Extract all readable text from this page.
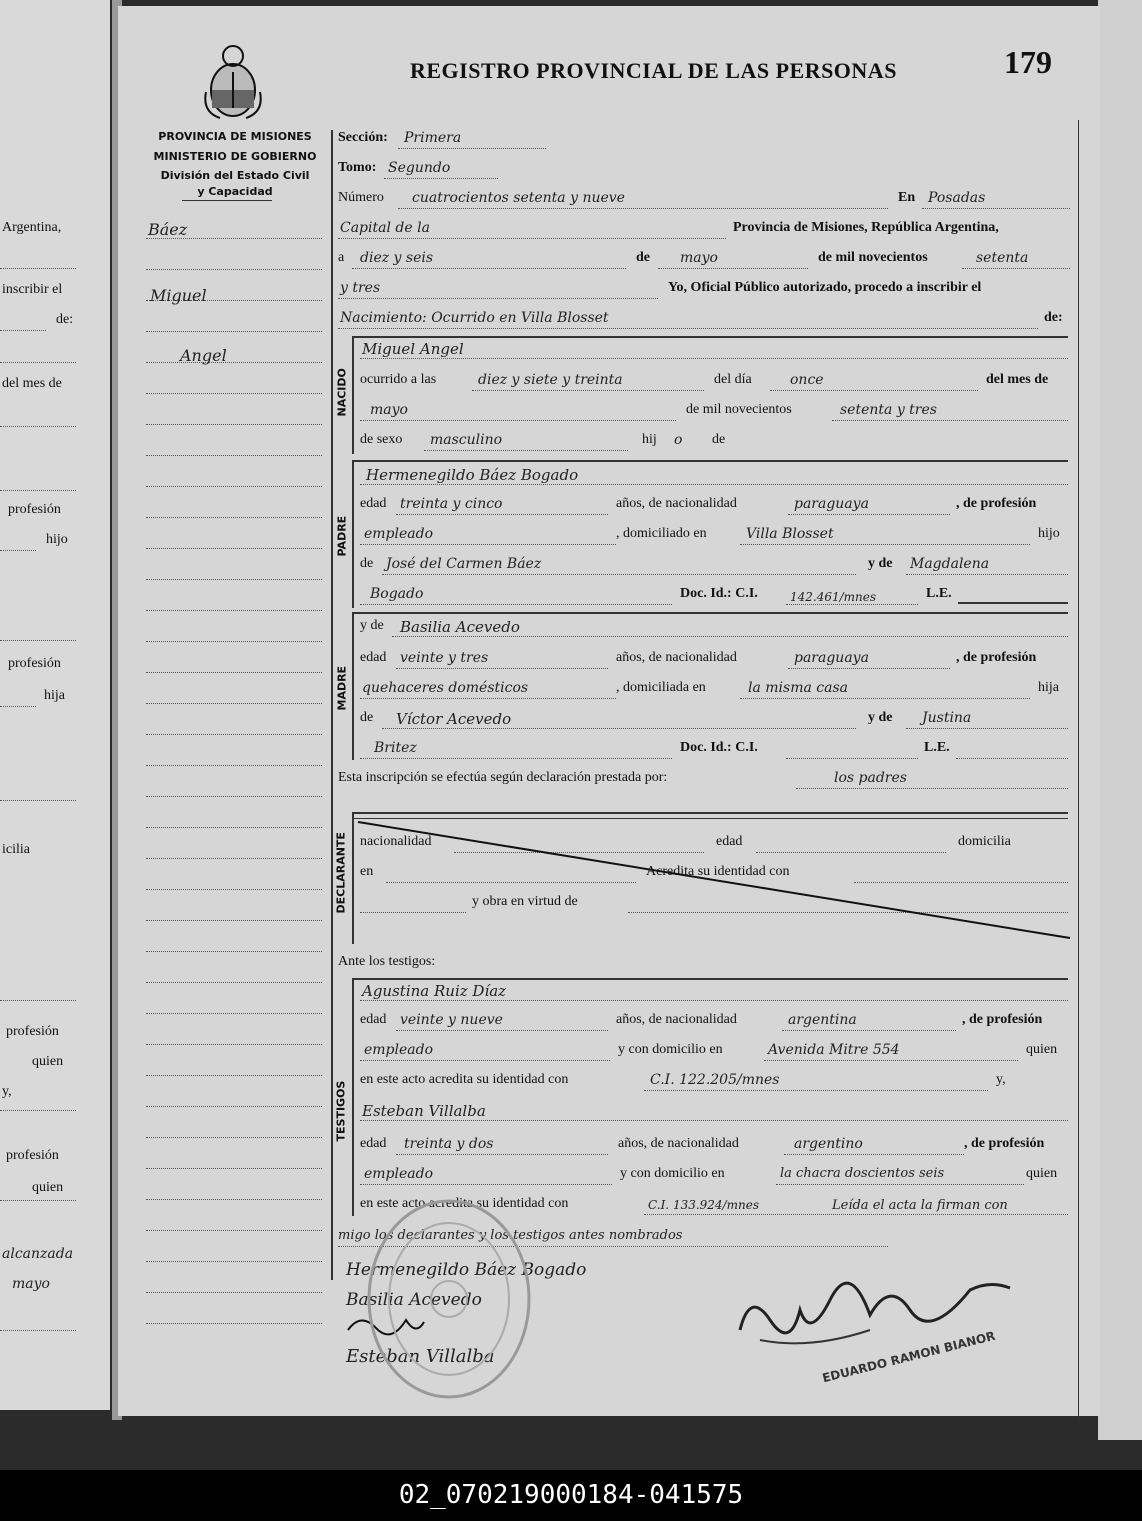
Argentina,
inscribir el
de:
del mes de
profesión
hijo
profesión
hija
icilia
profesión
quien
y,
profesión
quien
alcanzada
mayo
REGISTRO PROVINCIAL DE LAS PERSONAS	179
PROVINCIA DE MISIONES
MINISTERIO DE GOBIERNO
División del Estado Civil
y Capacidad
Báez
Miguel
Angel
Sección: Primera
Tomo: Segundo
Número cuatrocientos setenta y nueve	En Posadas
Capital de la	Provincia de Misiones, República Argentina,
a diez y seis	de mayo	de mil novecientos	setenta
y tres	Yo, Oficial Público autorizado, procedo a inscribir el
Nacimiento: Ocurrido en Villa Blosset	de:
NACIDO
Miguel Angel
ocurrido a las	diez y siete y treinta	del día	once	del mes de
mayo	de mil novecientos	setenta y tres
de sexo masculino	hij o de
PADRE
Hermenegildo Báez Bogado
edad treinta y cinco	años, de nacionalidad	paraguaya	, de profesión
empleado	, domiciliado en	Villa Blosset	hijo
de José del Carmen Báez	y de Magdalena
Bogado	Doc. Id.: C.I.	142.461/mnes	L.E.
MADRE
y de Basilia Acevedo
edad veinte y tres	años, de nacionalidad	paraguaya	, de profesión
quehaceres domésticos	, domiciliada en	la misma casa	hija
de Víctor Acevedo	y de Justina
Britez	Doc. Id.: C.I.	L.E.
Esta inscripción se efectúa según declaración prestada por:	los padres
DECLARANTE nacionalidad	edad	domicilia
en	Acredita su identidad con
y obra en virtud de
Ante los testigos:
TESTIGOS
Agustina Ruiz Díaz
edad veinte y nueve	años, de nacionalidad	argentina	, de profesión
empleado	y con domicilio en	Avenida Mitre 554	quien
en este acto acredita su identidad con	C.I. 122.205/mnes	y,
Esteban Villalba
edad treinta y dos	años, de nacionalidad	argentino	, de profesión
empleado	y con domicilio en	la chacra doscientos seis	quien
en este acto acredita su identidad con	C.I. 133.924/mnes	Leída el acta la firman con
migo los declarantes y los testigos antes nombrados
Hermenegildo Báez Bogado
Basilia Acevedo
Esteban Villalba	EDUARDO RAMON BIANOR
02_070219000184-041575
